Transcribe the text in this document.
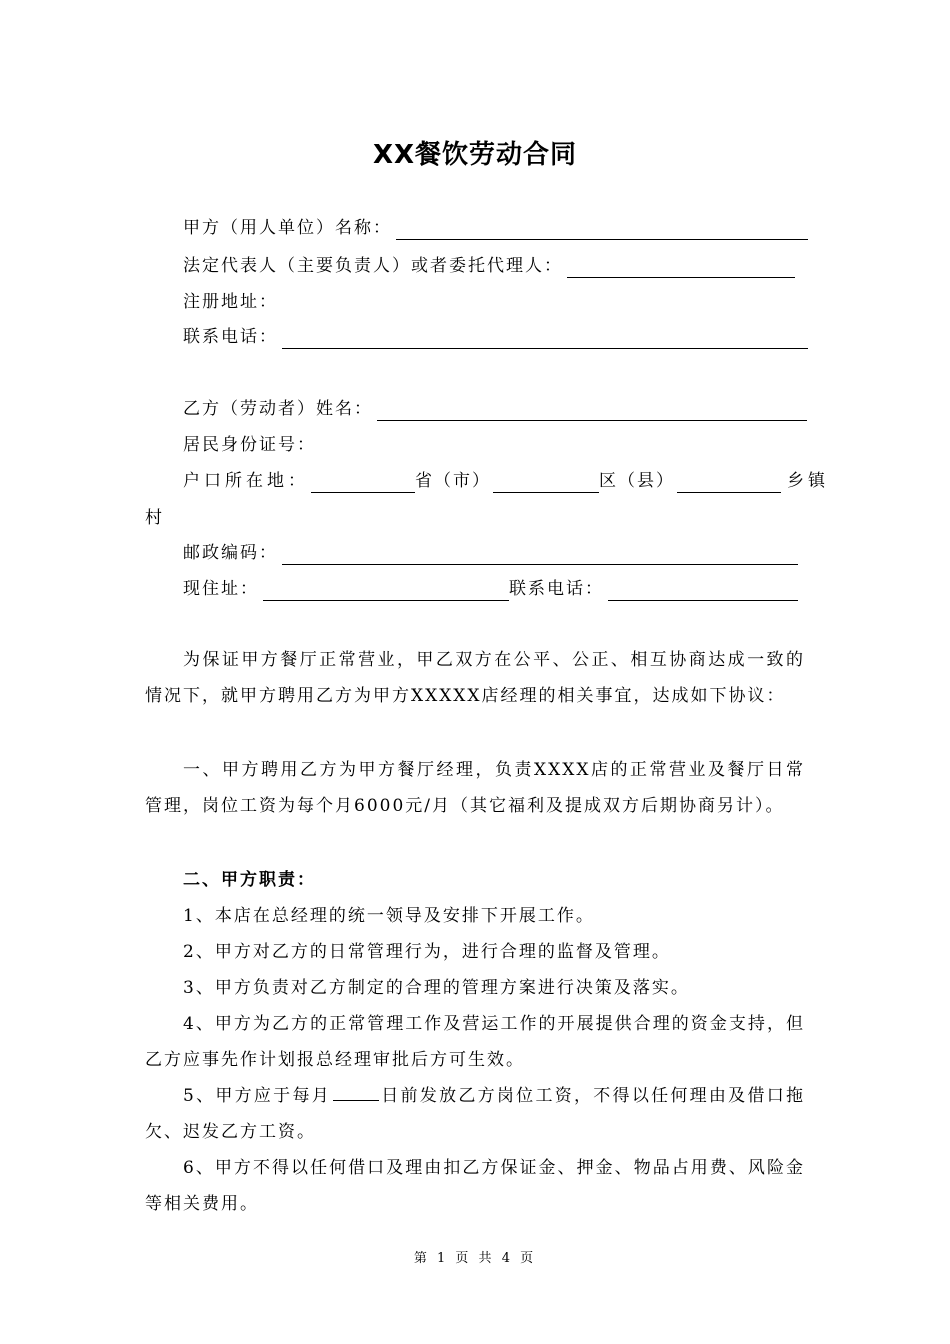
XX餐饮劳动合同
甲方（用人单位）名称：
法定代表人（主要负责人）或者委托代理人：
注册地址：
联系电话：
乙方（劳动者）姓名：
居民身份证号：
户口所在地：	省（市）	区（县）	乡镇
村
邮政编码：
现住址：	联系电话：
为保证甲方餐厅正常营业，甲乙双方在公平、公正、相互协商达成一致的情况下，就甲方聘用乙方为甲方XXXXX店经理的相关事宜，达成如下协议：
一、甲方聘用乙方为甲方餐厅经理，负责XXXX店的正常营业及餐厅日常管理，岗位工资为每个月6000元/月（其它福利及提成双方后期协商另计）。
二、甲方职责：
1、本店在总经理的统一领导及安排下开展工作。
2、甲方对乙方的日常管理行为，进行合理的监督及管理。
3、甲方负责对乙方制定的合理的管理方案进行决策及落实。
4、甲方为乙方的正常管理工作及营运工作的开展提供合理的资金支持，但乙方应事先作计划报总经理审批后方可生效。
5、甲方应于每月	日前发放乙方岗位工资，不得以任何理由及借口拖欠、迟发乙方工资。
6、甲方不得以任何借口及理由扣乙方保证金、押金、物品占用费、风险金等相关费用。
第 1 页 共 4 页
